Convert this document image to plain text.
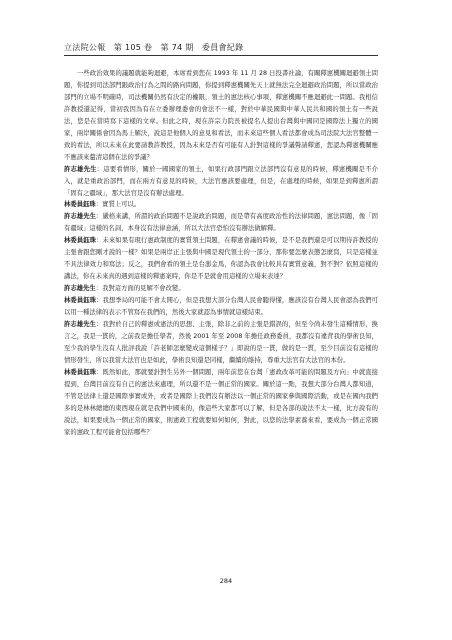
立法院公報　第 105 卷　第 74 期　委員會紀錄

一些政治效果的議題就能夠迴避，本席看到您在 1993 年 11 月 28 日投書社論，有關釋憲機關迴避領土問題，你提到司法部門跟政治行為之間的路向問題，你提到釋憲機關先天上就無法完全迴避政治問題，所以當政治部門的立場不明確時，司法機關仍然有決定的權限，領土的憲法核心事項，釋憲機關不應迴避此一問題。我相信許教授還記得，當初我因為有在立委辦理委會的會法不一樣，對於中華民國與中華人民共和國的領土有一些說法，您是在當時寫下這樣的文章。但此之時，現在許宗力院長被提名人提出台灣與中國同是國際法上獨立的國家，兩岸關係會因為馬上解決，說這是他個人的意見和看法，而未來這些個人看法都會成為司法院大法官整體一致的看法，所以未來在此要請教許教授，因為未來是否有可能有人針對這樣的爭議聲請釋憲，您認為釋憲機關應不應該來釐清這個在法的爭議？

許志雄先生：這要看情形，關於一國國家的領土，如果行政部門跟立法部門沒有意見的時候，釋憲機關是不介入，就是重政治部門，而在兩方有意見的時候，大法官應該要處理，但是，在處理的時候，如果是到釋憲所謂「固有之疆域」，那大法官是沒有辦法處理。

林委員鈺珠：實質上可以。

許志雄先生：嚴格來講，所謂的政治問題不是說政治問題，而是帶有高度政治性的法律問題，憲法問題，像「固有疆域」這樣的名詞，本身沒有法律意涵，所以大法官恐怕沒有辦法做解釋。

林委員鈺珠：未來如果有現行憲政制度的實質領土問題，在釋憲會議的時候，是不是我們還是可以期待許教授的主張會跟您剛才說的一樣？如果是兩岸正主張與中國是現代領土的一部分，那你要怎麼表態怎麼寫，只是這樣並不具法律效力和寫法；反之，我們會看的領土是台澎金馬，你認為我會比較具有實質意義，對不對？依照這樣的講法，你在未來真的遇到這樣的釋憲案時，你是不是就會用這樣的立場來表達？

許志雄先生：我對這方面的見解不會改變。

林委員鈺珠：我想季局的可能不會太開心，但是我想大部分台灣人民會聽得懂，應該沒有台灣人民會認為我們可以用一種法律的表示不管寫在我們的，然後大家就認為事情就這樣結束。

許志雄先生：我對於自己的釋憲或憲法的思想、主張，除非之前的主張是錯誤的，但至今尚未發生這種情形，換言之，我是一貫的，之前我是擔任學者，然後 2001 年至 2008 年擔任政務委員，我都沒有違背我的學術良知，至少我的學生沒有人批評我說「許老師怎麼變成這個樣子？」即說的是一貫，做的是一貫，至少目前沒有這樣的情形發生，所以我當大法官也是如此，學術良知還是同樣，繼續的維持，尊重大法官有大法官的本份。

林委員鈺珠：既然如此，那就要針對生另外一個問題，兩年前您在台灣「憲政改革可能的問題及方向」中就直接提到，台灣目前沒有自己的憲法來處理，所以還不是一個正常的國家。關於這一點，我想大部分台灣人都知道，不管是法律上還是國際事實或外，或者是國際上我們沒有辦法以一個正常的國家參與國際活動，或是在國內我們多的是林林總總的東西現在就是我們中國來的，像這些大家都可以了解，但是各部的說法不太一樣，比方說有的說法，如果要成為一個正常的國家，則憲政工程就要如何如何，對此，以您的法學素養來看，要成為一個正常國家的憲政工程可能會包括哪些？

284
